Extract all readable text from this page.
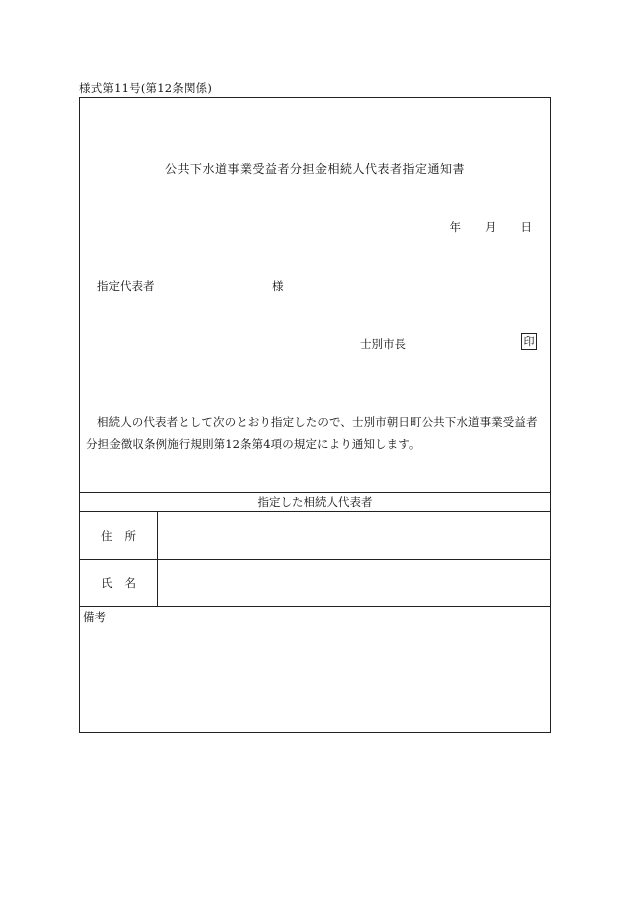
様式第11号(第12条関係)
公共下水道事業受益者分担金相続人代表者指定通知書
年 月 日
指定代表者	様
士別市長	印
相続人の代表者として次のとおり指定したので、士別市朝日町公共下水道事業受益者分担金徴収条例施行規則第12条第4項の規定により通知します。
指定した相続人代表者
住所
氏名
備考
